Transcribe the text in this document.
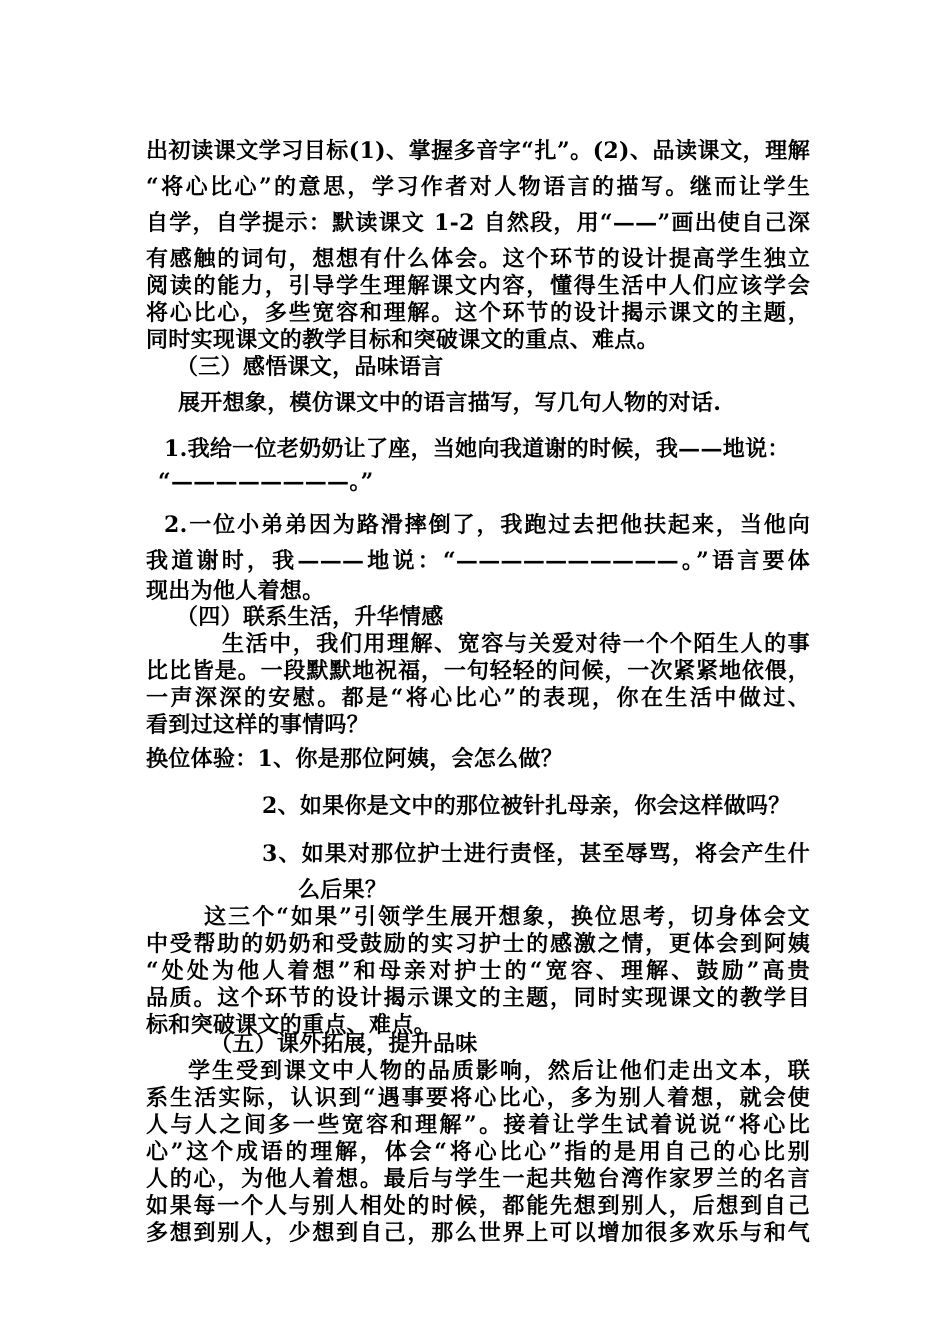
出初读课文学习目标(1)、掌握多音字“扎”。(2)、品读课文，理解

“将心比心”的意思，学习作者对人物语言的描写。继而让学生

自学，自学提示：默读课文 1-2 自然段，用“——”画出使自己深

有感触的词句，想想有什么体会。这个环节的设计提高学生独立

阅读的能力，引导学生理解课文内容，懂得生活中人们应该学会

将心比心，多些宽容和理解。这个环节的设计揭示课文的主题，

同时实现课文的教学目标和突破课文的重点、难点。

（三）感悟课文，品味语言

展开想象，模仿课文中的语言描写，写几句人物的对话.

1.我给一位老奶奶让了座，当她向我道谢的时候，我——地说：

“————————。”

2.一位小弟弟因为路滑摔倒了，我跑过去把他扶起来，当他向

我道谢时，我———地说：“——————————。”语言要体

现出为他人着想。

（四）联系生活，升华情感

生活中，我们用理解、宽容与关爱对待一个个陌生人的事

比比皆是。一段默默地祝福，一句轻轻的问候，一次紧紧地依偎，

一声深深的安慰。都是“将心比心”的表现，你在生活中做过、

看到过这样的事情吗？

换位体验：1、你是那位阿姨，会怎么做？

2、如果你是文中的那位被针扎母亲，你会这样做吗？

3、如果对那位护士进行责怪，甚至辱骂，将会产生什

么后果？

这三个“如果”引领学生展开想象，换位思考，切身体会文

中受帮助的奶奶和受鼓励的实习护士的感激之情，更体会到阿姨

“处处为他人着想”和母亲对护士的“宽容、理解、鼓励”高贵

品质。这个环节的设计揭示课文的主题，同时实现课文的教学目

标和突破课文的重点、难点。

（五）课外拓展，提升品味

学生受到课文中人物的品质影响，然后让他们走出文本，联

系生活实际，认识到“遇事要将心比心，多为别人着想，就会使

人与人之间多一些宽容和理解”。接着让学生试着说说“将心比

心”这个成语的理解，体会“将心比心”指的是用自己的心比别

人的心，为他人着想。最后与学生一起共勉台湾作家罗兰的名言

如果每一个人与别人相处的时候，都能先想到别人，后想到自己

多想到别人，少想到自己，那么世界上可以增加很多欢乐与和气
